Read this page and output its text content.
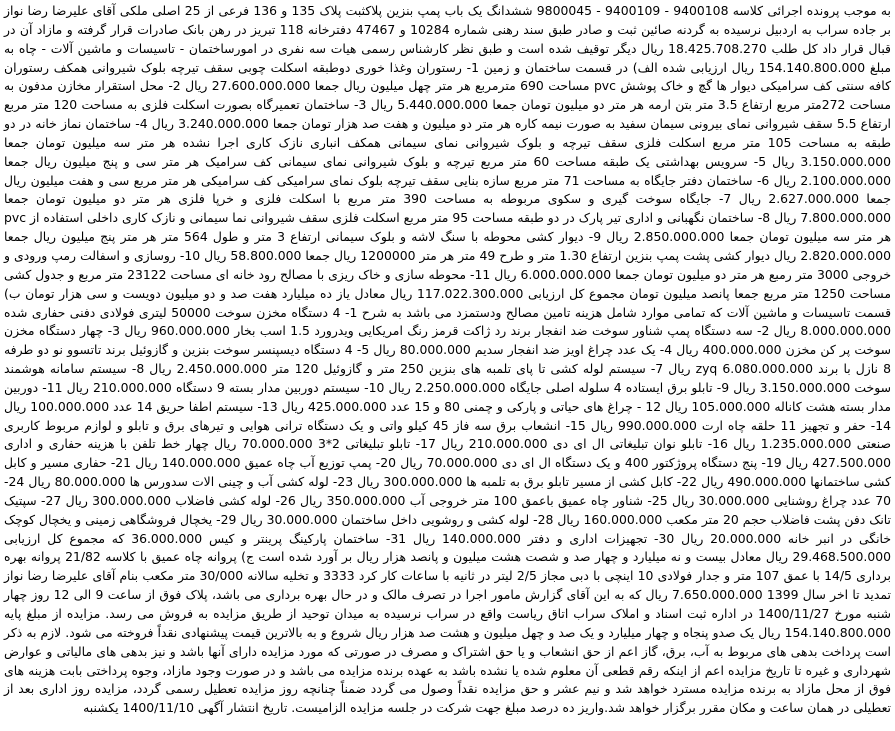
به موجب پرونده اجرائی کلاسه 9400108 - 9400109 - 9800045 ششدانگ یک باب پمپ بنزین پلاکثبت پلاک 135 و 136 فرعی از 25 اصلی ملکی آقای علیرضا رضا نواز بر جاده سراب به اردبیل نرسیده به گردنه صائین ثبت و صادر طبق سند رهنی شماره 10284 و 47467 دفترخانه 118 تبریز در رهن بانک صادرات قرار گرفته و مازاد آن در قبال قرار داد کل طلب 18.425.708.270 ریال دیگر توقیف شده است و طبق نظر کارشناس رسمی هیات سه نفری در امورساختمان - تاسیسات و ماشین آلات - چاه به مبلغ 154.140.800.000 ریال ارزیابی شده الف) در قسمت ساختمان و زمین 1- رستوران وغذا خوری دوطبقه اسکلت چوبی سقف تیرچه بلوک شیروانی همکف رستوران کافه سنتی کف سرامیکی دیوار ها گچ و خاک پوشش pvc مساحت 690 مترمربع هر متر چهل میلیون ریال جمعا 27.600.000.000 ریال 2- محل استقرار مخازن مدفون به مساحت 272متر مربع ارتفاع 3.5 متر بتن ارمه هر متر دو میلیون تومان جمعا 5.440.000.000 ریال 3- ساختمان تعمیرگاه بصورت اسکلت فلزی به مساحت 120 متر مربع ارتفاع 5.5 سقف شیروانی نمای بیرونی سیمان سفید به صورت نیمه کاره هر متر دو میلیون و هفت صد هزار تومان جمعا 3.240.000.000 ریال 4- ساختمان نماز خانه در دو طبقه به مساحت 105 متر مربع اسکلت فلزی سقف تیرچه و بلوک شیروانی نمای سیمانی همکف انباری نازک کاری اجرا نشده هر متر سه میلیون تومان جمعا 3.150.000.000 ریال 5- سرویس بهداشتی یک طبقه مساحت 60 متر مربع تیرچه و بلوک شیروانی نمای سیمانی کف سرامیک هر متر سی و پنج میلیون ریال جمعا 2.100.000.000 ریال 6- ساختمان دفتر جایگاه به مساحت 71 متر مربع سازه بنایی سقف تیرچه بلوک نمای سرامیکی کف سرامیکی هر متر مربع سی و هفت میلیون ریال جمعا 2.627.000.000 ریال 7- جایگاه سوخت گیری و سکوی مربوطه به مساحت 390 متر مربع با اسکلت فلزی و خرپا فلزی هر متر دو میلیون تومان جمعا 7.800.000.000 ریال 8- ساختمان نگهبانی و اداری تیر پارک در دو طبقه مساحت 95 متر مربع اسکلت فلزی سقف شیروانی نما سیمانی و نازک کاری داخلی استفاده از pvc هر متر سه میلیون تومان جمعا 2.850.000.000 ریال 9- دیوار کشی محوطه با سنگ لاشه و بلوک سیمانی ارتفاع 3 متر و طول 564 متر هر متر پنج میلیون ریال جمعا 2.820.000.000 ریال دیوار کشی پشت پمپ بنزین ارتفاع 1.30 متر و طرح 49 متر هر متر 1200000 ریال جمعا 58.800.000 ریال 10- روسازی و اسفالت رمپ ورودی و خروجی 3000 متر رمبع هر متر دو میلیون تومان جمعا 6.000.000.000 ریال 11- محوطه سازی و خاک ریزی با مصالح رود خانه ای مساحت 23122 متر مربع و جدول کشی مساحت 1250 متر مربع جمعا پانصد میلیون تومان مجموع کل ارزیابی 117.022.300.000 ریال معادل یاز ده میلیارد هفت صد و دو میلیون دویست و سی هزار تومان ب) قسمت تاسیسات و ماشین آلات که تمامی موارد شامل هزینه تامین مصالح ودستمزد می باشد به شرح 1- 4 دستگاه مخزن سوخت 50000 لیتری فولادی دفنی حفاری شده 8.000.000.000 ریال 2- سه دستگاه پمپ شناور سوخت ضد انفجار برند رد ژاکت قرمز رنگ امریکایی ویدرورد 1.5 اسب بخار 960.000.000 ریال 3- چهار دستگاه مخزن سوخت پر کن مخزن 400.000.000 ریال 4- یک عدد چراغ اویز ضد انفجار سدیم 80.000.000 ریال 5- 4 دستگاه دیسپنسر سوخت بنزین و گازوئیل برند تاتسوو نو دو طرفه 8 نازل با برند zyq 6.080.000.000 ریال 7- سیستم لوله کشی تا پای تلمبه های بنزین 250 متر و گازوئیل 120 متر 2.450.000.000 ریال 8- سیستم سامانه هوشمند سوخت 3.150.000.000 ریال 9- تابلو برق ایستاده 4 سلوله اصلی جایگاه 2.250.000.000 ریال 10- سیستم دوربین مدار بسته 9 دستگاه 210.000.000 ریال 11- دوربین مدار بسته هشت کاناله 105.000.000 ریال 12 - چراغ های حیاتی و پارکی و چمنی 80 و 15 عدد 425.000.000 ریال 13- سیستم اطفا حریق 14 عدد 100.000.000 ریال 14- حفر و تجهیز 11 حلقه چاه ارت 990.000.000 ریال 15- انشعاب برق سه فاز 45 کیلو واتی و یک دستگاه ترانی هوایی و تیرهای برق و تابلو و لوازم مربوط کاربری صنعتی 1.235.000.000 ریال 16- تابلو نوان تبلیغاتی ال ای دی 210.000.000 ریال 17- تابلو تبلیغاتی 2*3 70.000.000 ریال چهار خط تلفن با هزینه حفاری و اداری 427.500.000 ریال 19- پنج دستگاه پروژکتور 400 و یک دستگاه ال ای دی 70.000.000 ریال 20- پمپ توزیع آب چاه عمیق 140.000.000 ریال 21- حفاری مسیر و کابل کشی ساختمانها 490.000.000 ریال 22- کابل کشی از مسیر تابلو برق به تلمبه ها 300.000.000 ریال 23- لوله کشی آب و چینی الات سدورس ها 80.000.000 ریال 24- 70 عدد چراغ روشنایی 30.000.000 ریال 25- شناور چاه عمیق باعمق 100 متر خروجی آب 350.000.000 ریال 26- لوله کشی فاضلاب 300.000.000 ریال 27- سپتیک تانک دفن پشت فاضلاب حجم 20 متر مکعب 160.000.000 ریال 28- لوله کشی و روشویی داخل ساختمان 30.000.000 ریال 29- یخچال فروشگاهی زمینی و یخچال کوچک خانگی در انبر خانه 20.000.000 ریال 30- تجهیزات اداری و دفتر 140.000.000 ریال 31- ساختمان پارکینگ پرینتر و کیس 36.000.000 که مجموع کل ارزیابی 29.468.500.000 ریال معادل بیست و نه میلیارد و چهار صد و شصت هشت میلیون و پانصد هزار ریال بر آورد شده است ج) پروانه چاه عمیق با کلاسه 21/82 پروانه بهره برداری 14/5 با عمق 107 متر و جدار فولادی 10 اینچی با دبی مجاز 2/5 لیتر در ثانیه با ساعات کار کرد 3333 و تخلیه سالانه 30/000 متر مکعب بنام آقای علیرضا رضا نواز تمدید تا اخر سال 1399 7.650.000.000 ریال که به این آقای گزارش مامور اجرا در تصرف مالک و در حال بهره برداری می باشد، پلاک فوق از ساعت 9 الی 12 روز چهار شنبه مورخ 1400/11/27 در اداره ثبت اسناد و املاک سراب اتاق ریاست واقع در سراب نرسیده به میدان توحید از طریق مزایده به فروش می رسد. مزایده از مبلغ پایه 154.140.800.000 ریال یک صدو پنجاه و چهار میلیارد و یک صد و چهل میلیون و هشت صد هزار ریال شروع و به بالاترین قیمت پیشنهادی نقداً فروخته می شود. لازم به ذکر است پرداخت بدهی های مربوط به آب، برق، گاز اعم از حق انشعاب و یا حق اشتراک و مصرف در صورتی که مورد مزایده دارای آنها باشد و نیز بدهی های مالیاتی و عوارض شهرداری و غیره تا تاریخ مزایده اعم از اینکه رقم قطعی آن معلوم شده یا نشده باشد به عهده برنده مزایده می باشد و در صورت وجود مازاد، وجوه پرداختی بابت هزینه های فوق از محل مازاد به برنده مزایده مسترد خواهد شد و نیم عشر و حق مزایده نقداً وصول می گردد ضمناً چنانچه روز مزایده تعطیل رسمی گردد، مزایده روز اداری بعد از تعطیلی در همان ساعت و مکان مقرر برگزار خواهد شد.واریز ده درصد مبلغ جهت شرکت در جلسه مزایده الزامیست. تاریخ انتشار آگهی 1400/11/10 یکشنبه
